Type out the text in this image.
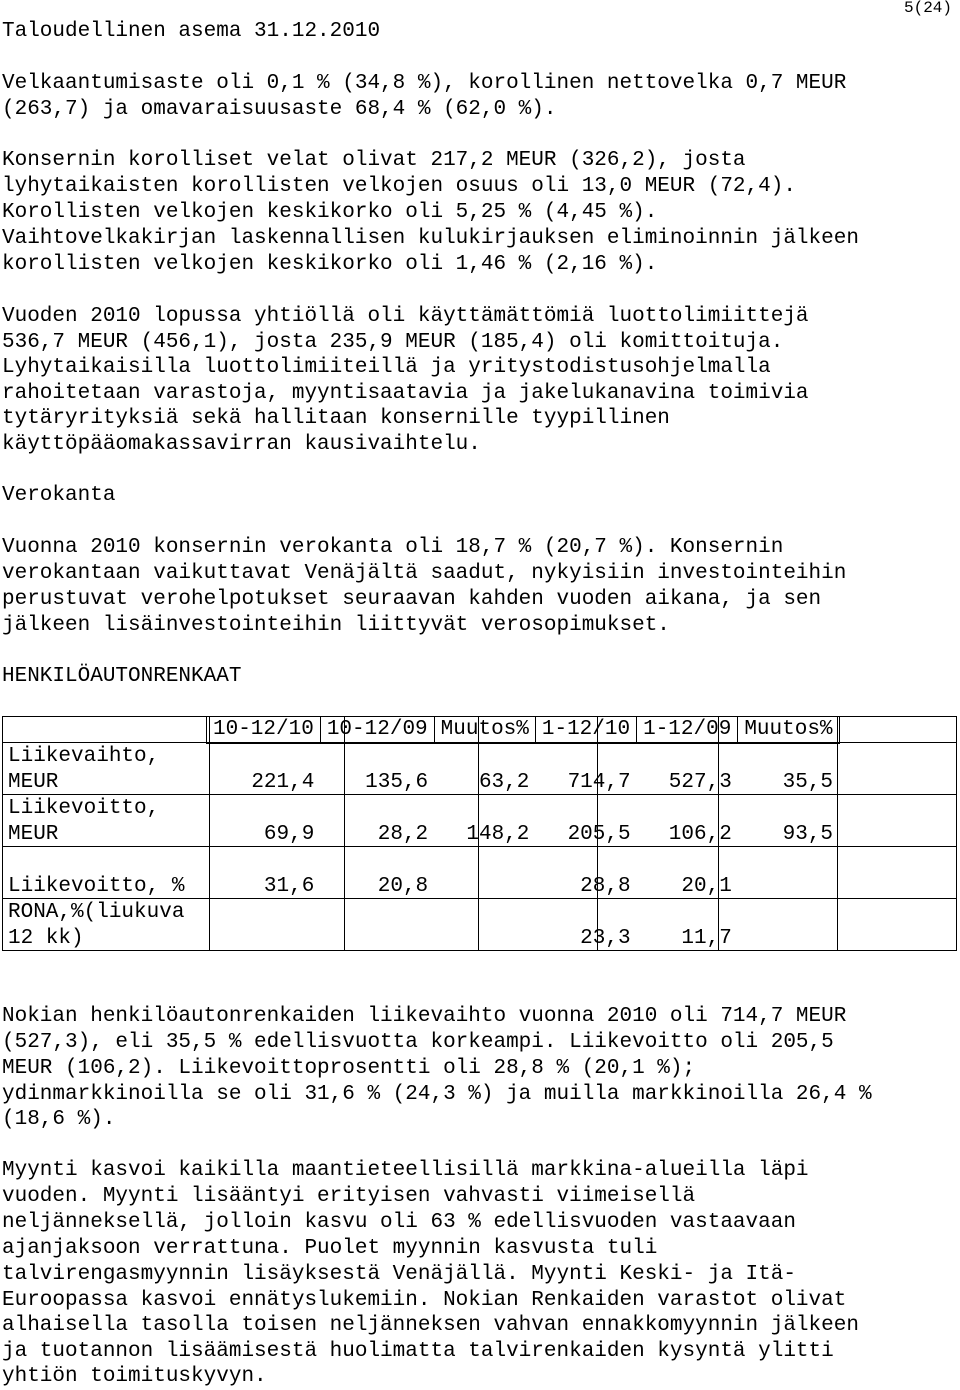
Taloudellinen asema 31.12.2010
5(24)
Velkaantumisaste oli 0,1 % (34,8 %), korollinen nettovelka 0,7 MEUR
(263,7) ja omavaraisuusaste 68,4 % (62,0 %).
Konsernin korolliset velat olivat 217,2 MEUR (326,2), josta
lyhytaikaisten korollisten velkojen osuus oli 13,0 MEUR (72,4).
Korollisten velkojen keskikorko oli 5,25 % (4,45 %).
Vaihtovelkakirjan laskennallisen kulukirjauksen eliminoinnin jälkeen
korollisten velkojen keskikorko oli 1,46 % (2,16 %).
Vuoden 2010 lopussa yhtiöllä oli käyttämättömiä luottolimiittejä
536,7 MEUR (456,1), josta 235,9 MEUR (185,4) oli komittoituja.
Lyhytaikaisilla luottolimiiteillä ja yritystodistusohjelmalla
rahoitetaan varastoja, myyntisaatavia ja jakelukanavina toimivia
tytäryrityksiä sekä hallitaan konsernille tyypillinen
käyttöpääomakassavirran kausivaihtelu.
Verokanta
Vuonna 2010 konsernin verokanta oli 18,7 % (20,7 %). Konsernin
verokantaan vaikuttavat Venäjältä saadut, nykyisiin investointeihin
perustuvat verohelpotukset seuraavan kahden vuoden aikana, ja sen
jälkeen lisäinvestointeihin liittyvät verosopimukset.
HENKILÖAUTONRENKAAT
	10-12/10	10-12/09	Muutos%	1-12/10	1-12/09	Muutos%
Liikevaihto,
MEUR	221,4	135,6	63,2	714,7	527,3	35,5
Liikevoitto,
MEUR	69,9	28,2	148,2	205,5	106,2	93,5
Liikevoitto, %	31,6	20,8		28,8	20,1	
RONA,%(liukuva
12 kk)				23,3	11,7	
Nokian henkilöautonrenkaiden liikevaihto vuonna 2010 oli 714,7 MEUR
(527,3), eli 35,5 % edellisvuotta korkeampi. Liikevoitto oli 205,5
MEUR (106,2). Liikevoittoprosentti oli 28,8 % (20,1 %);
ydinmarkkinoilla se oli 31,6 % (24,3 %) ja muilla markkinoilla 26,4 %
(18,6 %).
Myynti kasvoi kaikilla maantieteellisillä markkina-alueilla läpi
vuoden. Myynti lisääntyi erityisen vahvasti viimeisellä
neljänneksellä, jolloin kasvu oli 63 % edellisvuoden vastaavaan
ajanjaksoon verrattuna. Puolet myynnin kasvusta tuli
talvirengasmyynnin lisäyksestä Venäjällä. Myynti Keski- ja Itä-
Euroopassa kasvoi ennätyslukemiin. Nokian Renkaiden varastot olivat
alhaisella tasolla toisen neljänneksen vahvan ennakkomyynnin jälkeen
ja tuotannon lisäämisestä huolimatta talvirenkaiden kysyntä ylitti
yhtiön toimituskyvyn.
